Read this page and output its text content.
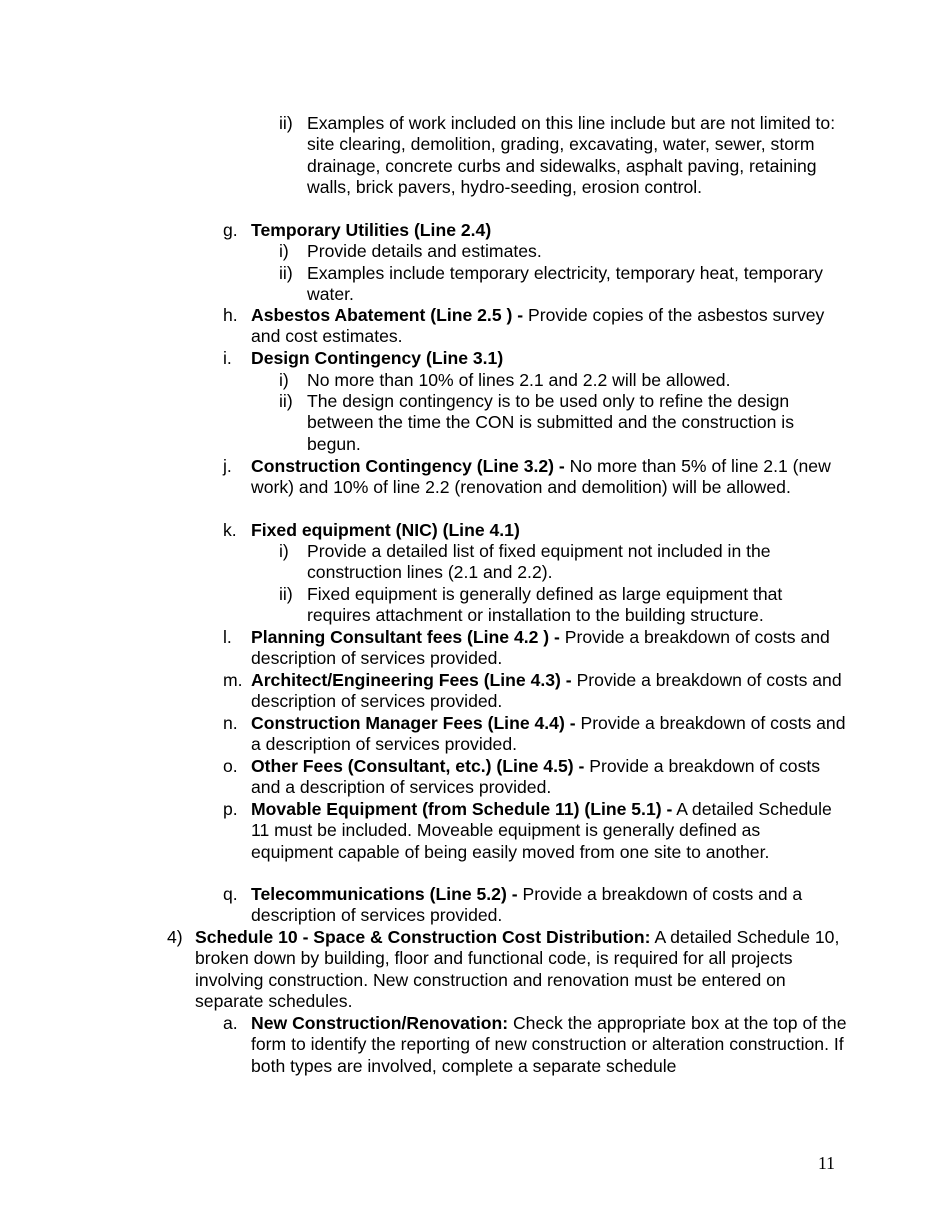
ii) Examples of work included on this line include but are not limited to: site clearing, demolition, grading, excavating, water, sewer, storm drainage, concrete curbs and sidewalks, asphalt paving, retaining walls, brick pavers, hydro-seeding, erosion control.
g. Temporary Utilities (Line 2.4)
i) Provide details and estimates.
ii) Examples include temporary electricity, temporary heat, temporary water.
h. Asbestos Abatement (Line 2.5 ) - Provide copies of the asbestos survey and cost estimates.
i. Design Contingency (Line 3.1)
i) No more than 10% of lines 2.1 and 2.2 will be allowed.
ii) The design contingency is to be used only to refine the design between the time the CON is submitted and the construction is begun.
j. Construction Contingency (Line 3.2) - No more than 5% of line 2.1 (new work) and 10% of line 2.2 (renovation and demolition) will be allowed.
k. Fixed equipment (NIC) (Line 4.1)
i) Provide a detailed list of fixed equipment not included in the construction lines (2.1 and 2.2).
ii) Fixed equipment is generally defined as large equipment that requires attachment or installation to the building structure.
l. Planning Consultant fees (Line 4.2 ) - Provide a breakdown of costs and description of services provided.
m. Architect/Engineering Fees (Line 4.3) - Provide a breakdown of costs and description of services provided.
n. Construction Manager Fees (Line 4.4) - Provide a breakdown of costs and a description of services provided.
o. Other Fees (Consultant, etc.) (Line 4.5) - Provide a breakdown of costs and a description of services provided.
p. Movable Equipment (from Schedule 11) (Line 5.1) - A detailed Schedule 11 must be included. Moveable equipment is generally defined as equipment capable of being easily moved from one site to another.
q. Telecommunications (Line 5.2) - Provide a breakdown of costs and a description of services provided.
4) Schedule 10 - Space & Construction Cost Distribution: A detailed Schedule 10, broken down by building, floor and functional code, is required for all projects involving construction. New construction and renovation must be entered on separate schedules.
a. New Construction/Renovation: Check the appropriate box at the top of the form to identify the reporting of new construction or alteration construction. If both types are involved, complete a separate schedule
11
